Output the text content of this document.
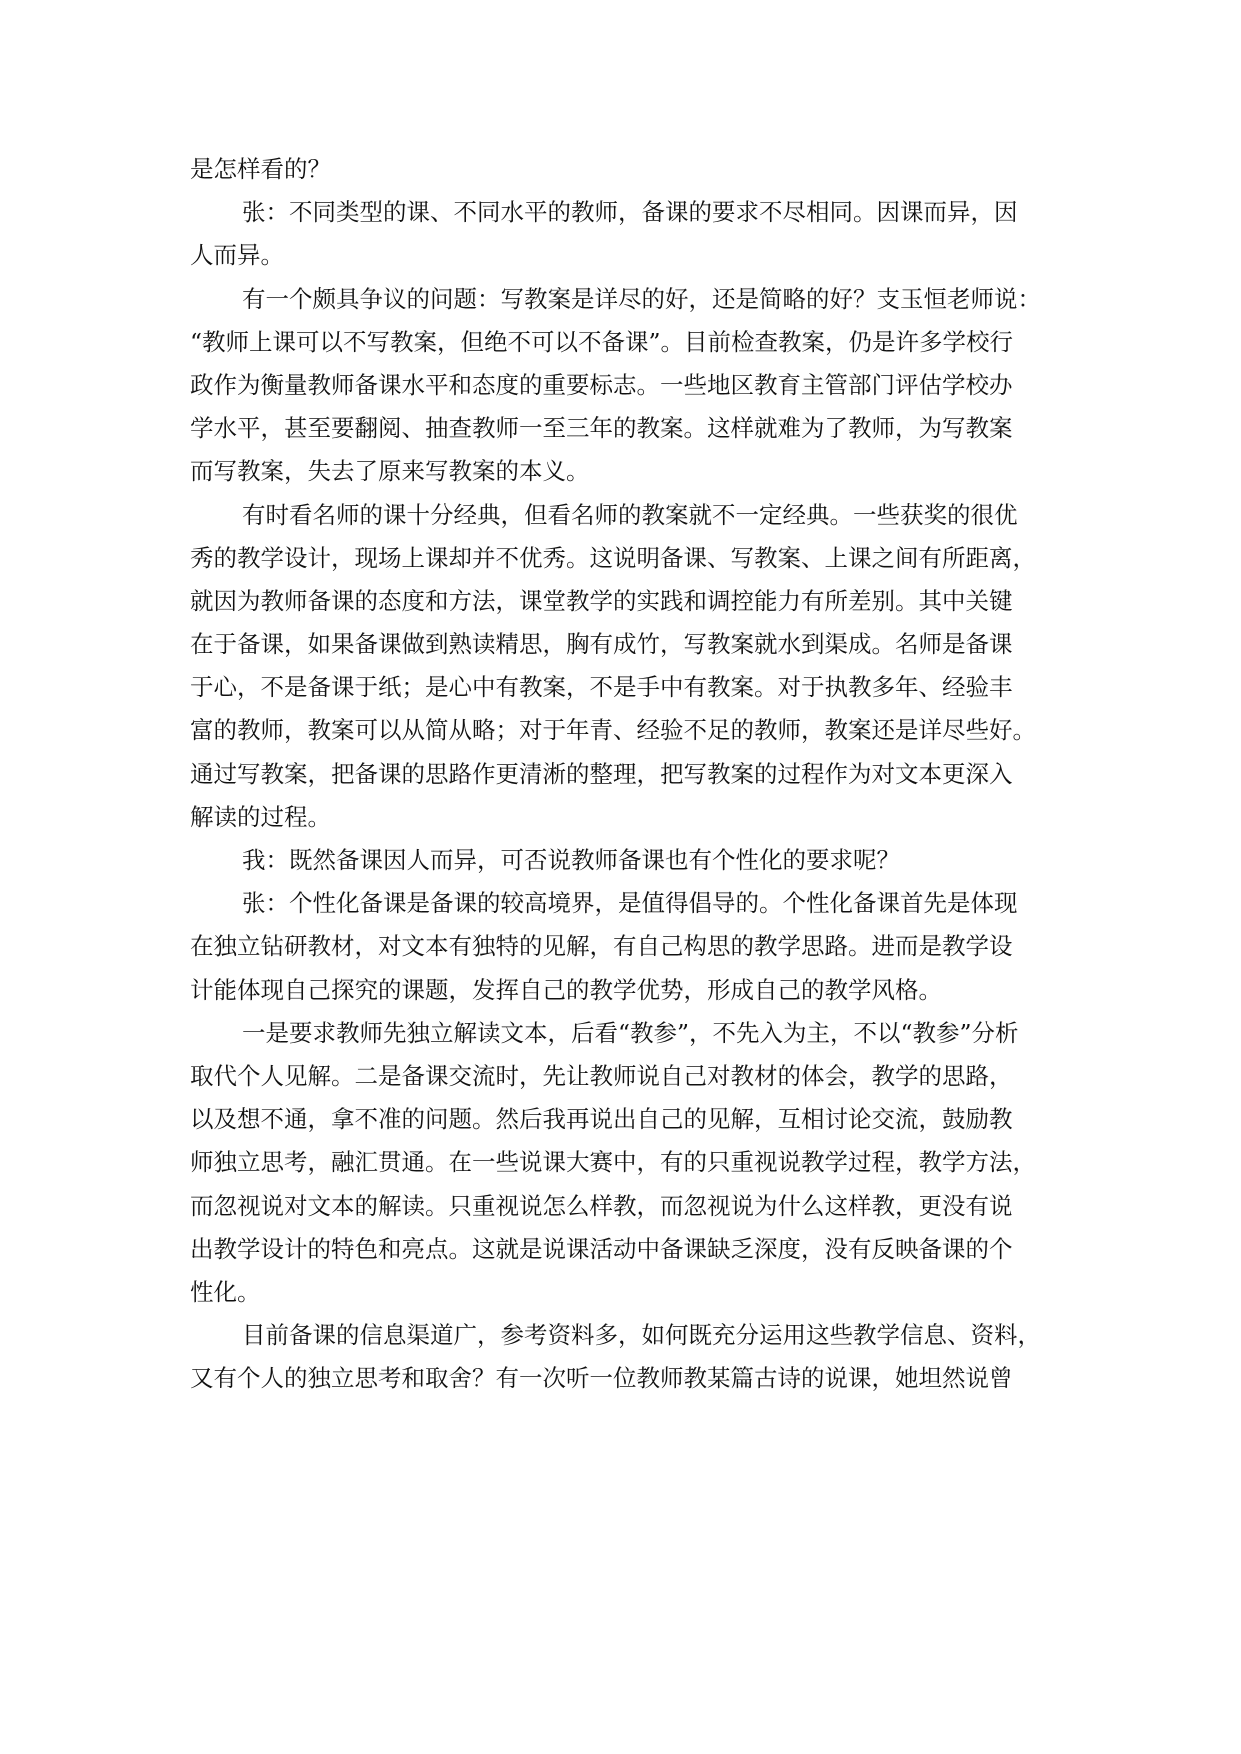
是怎样看的？
张：不同类型的课、不同水平的教师，备课的要求不尽相同。因课而异，因
人而异。
有一个颇具争议的问题：写教案是详尽的好，还是简略的好？支玉恒老师说：
“教师上课可以不写教案，但绝不可以不备课”。目前检查教案，仍是许多学校行
政作为衡量教师备课水平和态度的重要标志。一些地区教育主管部门评估学校办
学水平，甚至要翻阅、抽查教师一至三年的教案。这样就难为了教师，为写教案
而写教案，失去了原来写教案的本义。
有时看名师的课十分经典，但看名师的教案就不一定经典。一些获奖的很优
秀的教学设计，现场上课却并不优秀。这说明备课、写教案、上课之间有所距离，
就因为教师备课的态度和方法，课堂教学的实践和调控能力有所差别。其中关键
在于备课，如果备课做到熟读精思，胸有成竹，写教案就水到渠成。名师是备课
于心，不是备课于纸；是心中有教案，不是手中有教案。对于执教多年、经验丰
富的教师，教案可以从简从略；对于年青、经验不足的教师，教案还是详尽些好。
通过写教案，把备课的思路作更清淅的整理，把写教案的过程作为对文本更深入
解读的过程。
我：既然备课因人而异，可否说教师备课也有个性化的要求呢？
张：个性化备课是备课的较高境界，是值得倡导的。个性化备课首先是体现
在独立钻研教材，对文本有独特的见解，有自己构思的教学思路。进而是教学设
计能体现自己探究的课题，发挥自己的教学优势，形成自己的教学风格。
一是要求教师先独立解读文本，后看“教参”，不先入为主，不以“教参”分析
取代个人见解。二是备课交流时，先让教师说自己对教材的体会，教学的思路，
以及想不通，拿不准的问题。然后我再说出自己的见解，互相讨论交流，鼓励教
师独立思考，融汇贯通。在一些说课大赛中，有的只重视说教学过程，教学方法，
而忽视说对文本的解读。只重视说怎么样教，而忽视说为什么这样教，更没有说
出教学设计的特色和亮点。这就是说课活动中备课缺乏深度，没有反映备课的个
性化。
目前备课的信息渠道广，参考资料多，如何既充分运用这些教学信息、资料，
又有个人的独立思考和取舍？有一次听一位教师教某篇古诗的说课，她坦然说曾
